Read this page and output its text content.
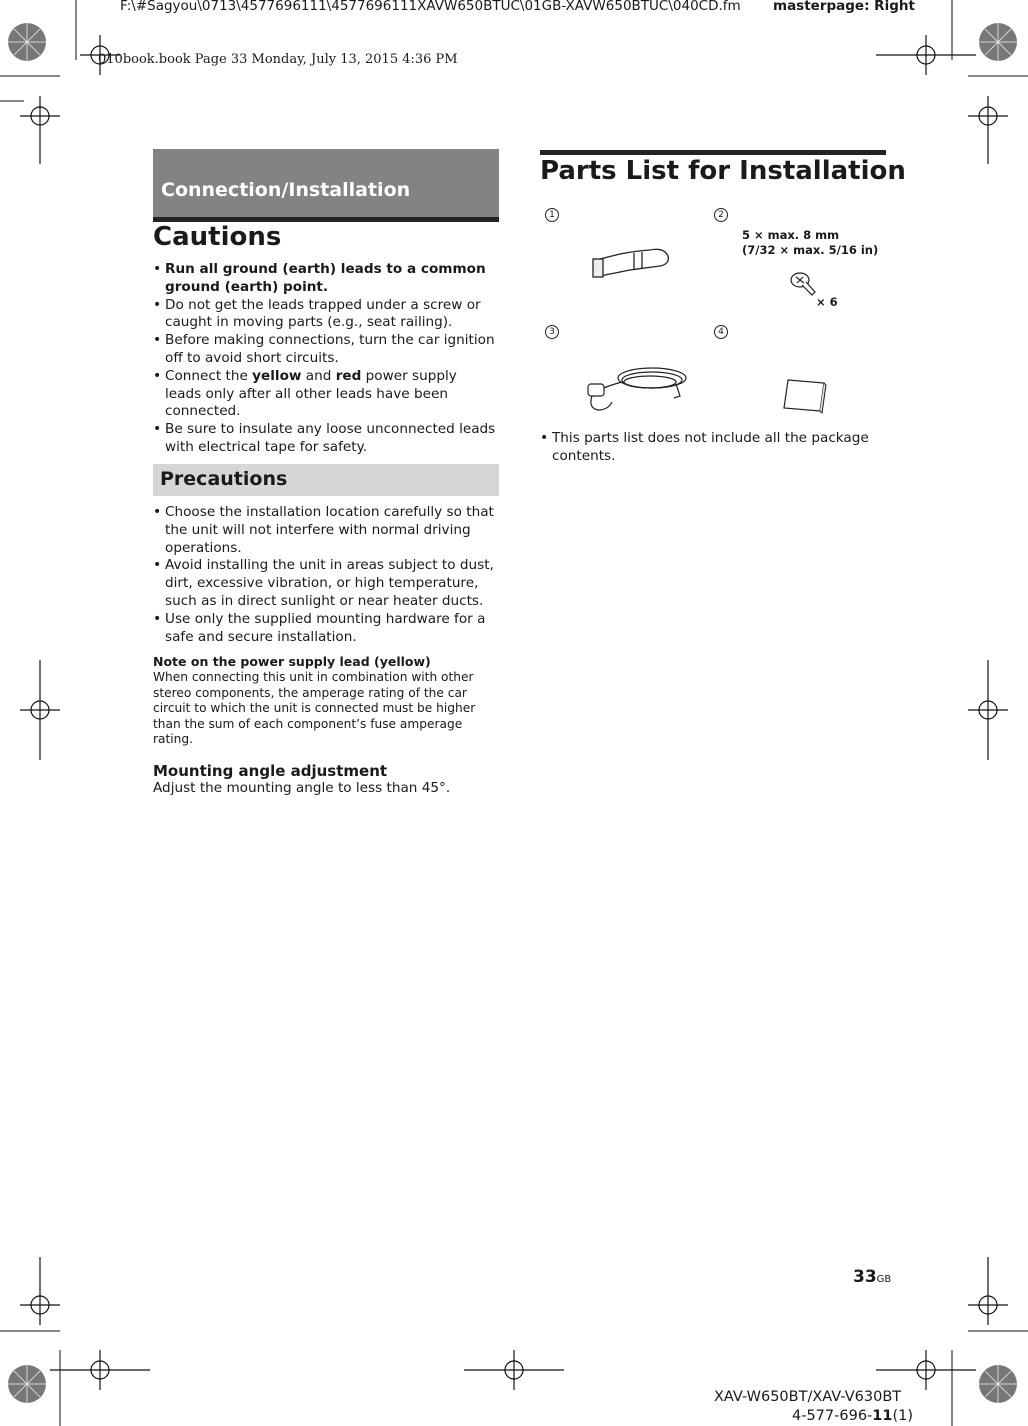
F:\#Sagyou\0713\4577696111\4577696111XAVW650BTUC\01GB-XAVW650BTUC\040CD.fm masterpage: Right
010book.book Page 33 Monday, July 13, 2015 4:36 PM
Connection/Installation
Cautions
• Run all ground (earth) leads to a common ground (earth) point.
• Do not get the leads trapped under a screw or caught in moving parts (e.g., seat railing).
• Before making connections, turn the car ignition off to avoid short circuits.
• Connect the yellow and red power supply leads only after all other leads have been connected.
• Be sure to insulate any loose unconnected leads with electrical tape for safety.
Precautions
• Choose the installation location carefully so that the unit will not interfere with normal driving operations.
• Avoid installing the unit in areas subject to dust, dirt, excessive vibration, or high temperature, such as in direct sunlight or near heater ducts.
• Use only the supplied mounting hardware for a safe and secure installation.
Note on the power supply lead (yellow)
When connecting this unit in combination with other stereo components, the amperage rating of the car circuit to which the unit is connected must be higher than the sum of each component’s fuse amperage rating.
Mounting angle adjustment
Adjust the mounting angle to less than 45°.
Parts List for Installation
1	2
3	4
5 × max. 8 mm
(7/32 × max. 5/16 in)
× 6
• This parts list does not include all the package contents.
33GB
XAV-W650BT/XAV-V630BT
4-577-696-11(1)
